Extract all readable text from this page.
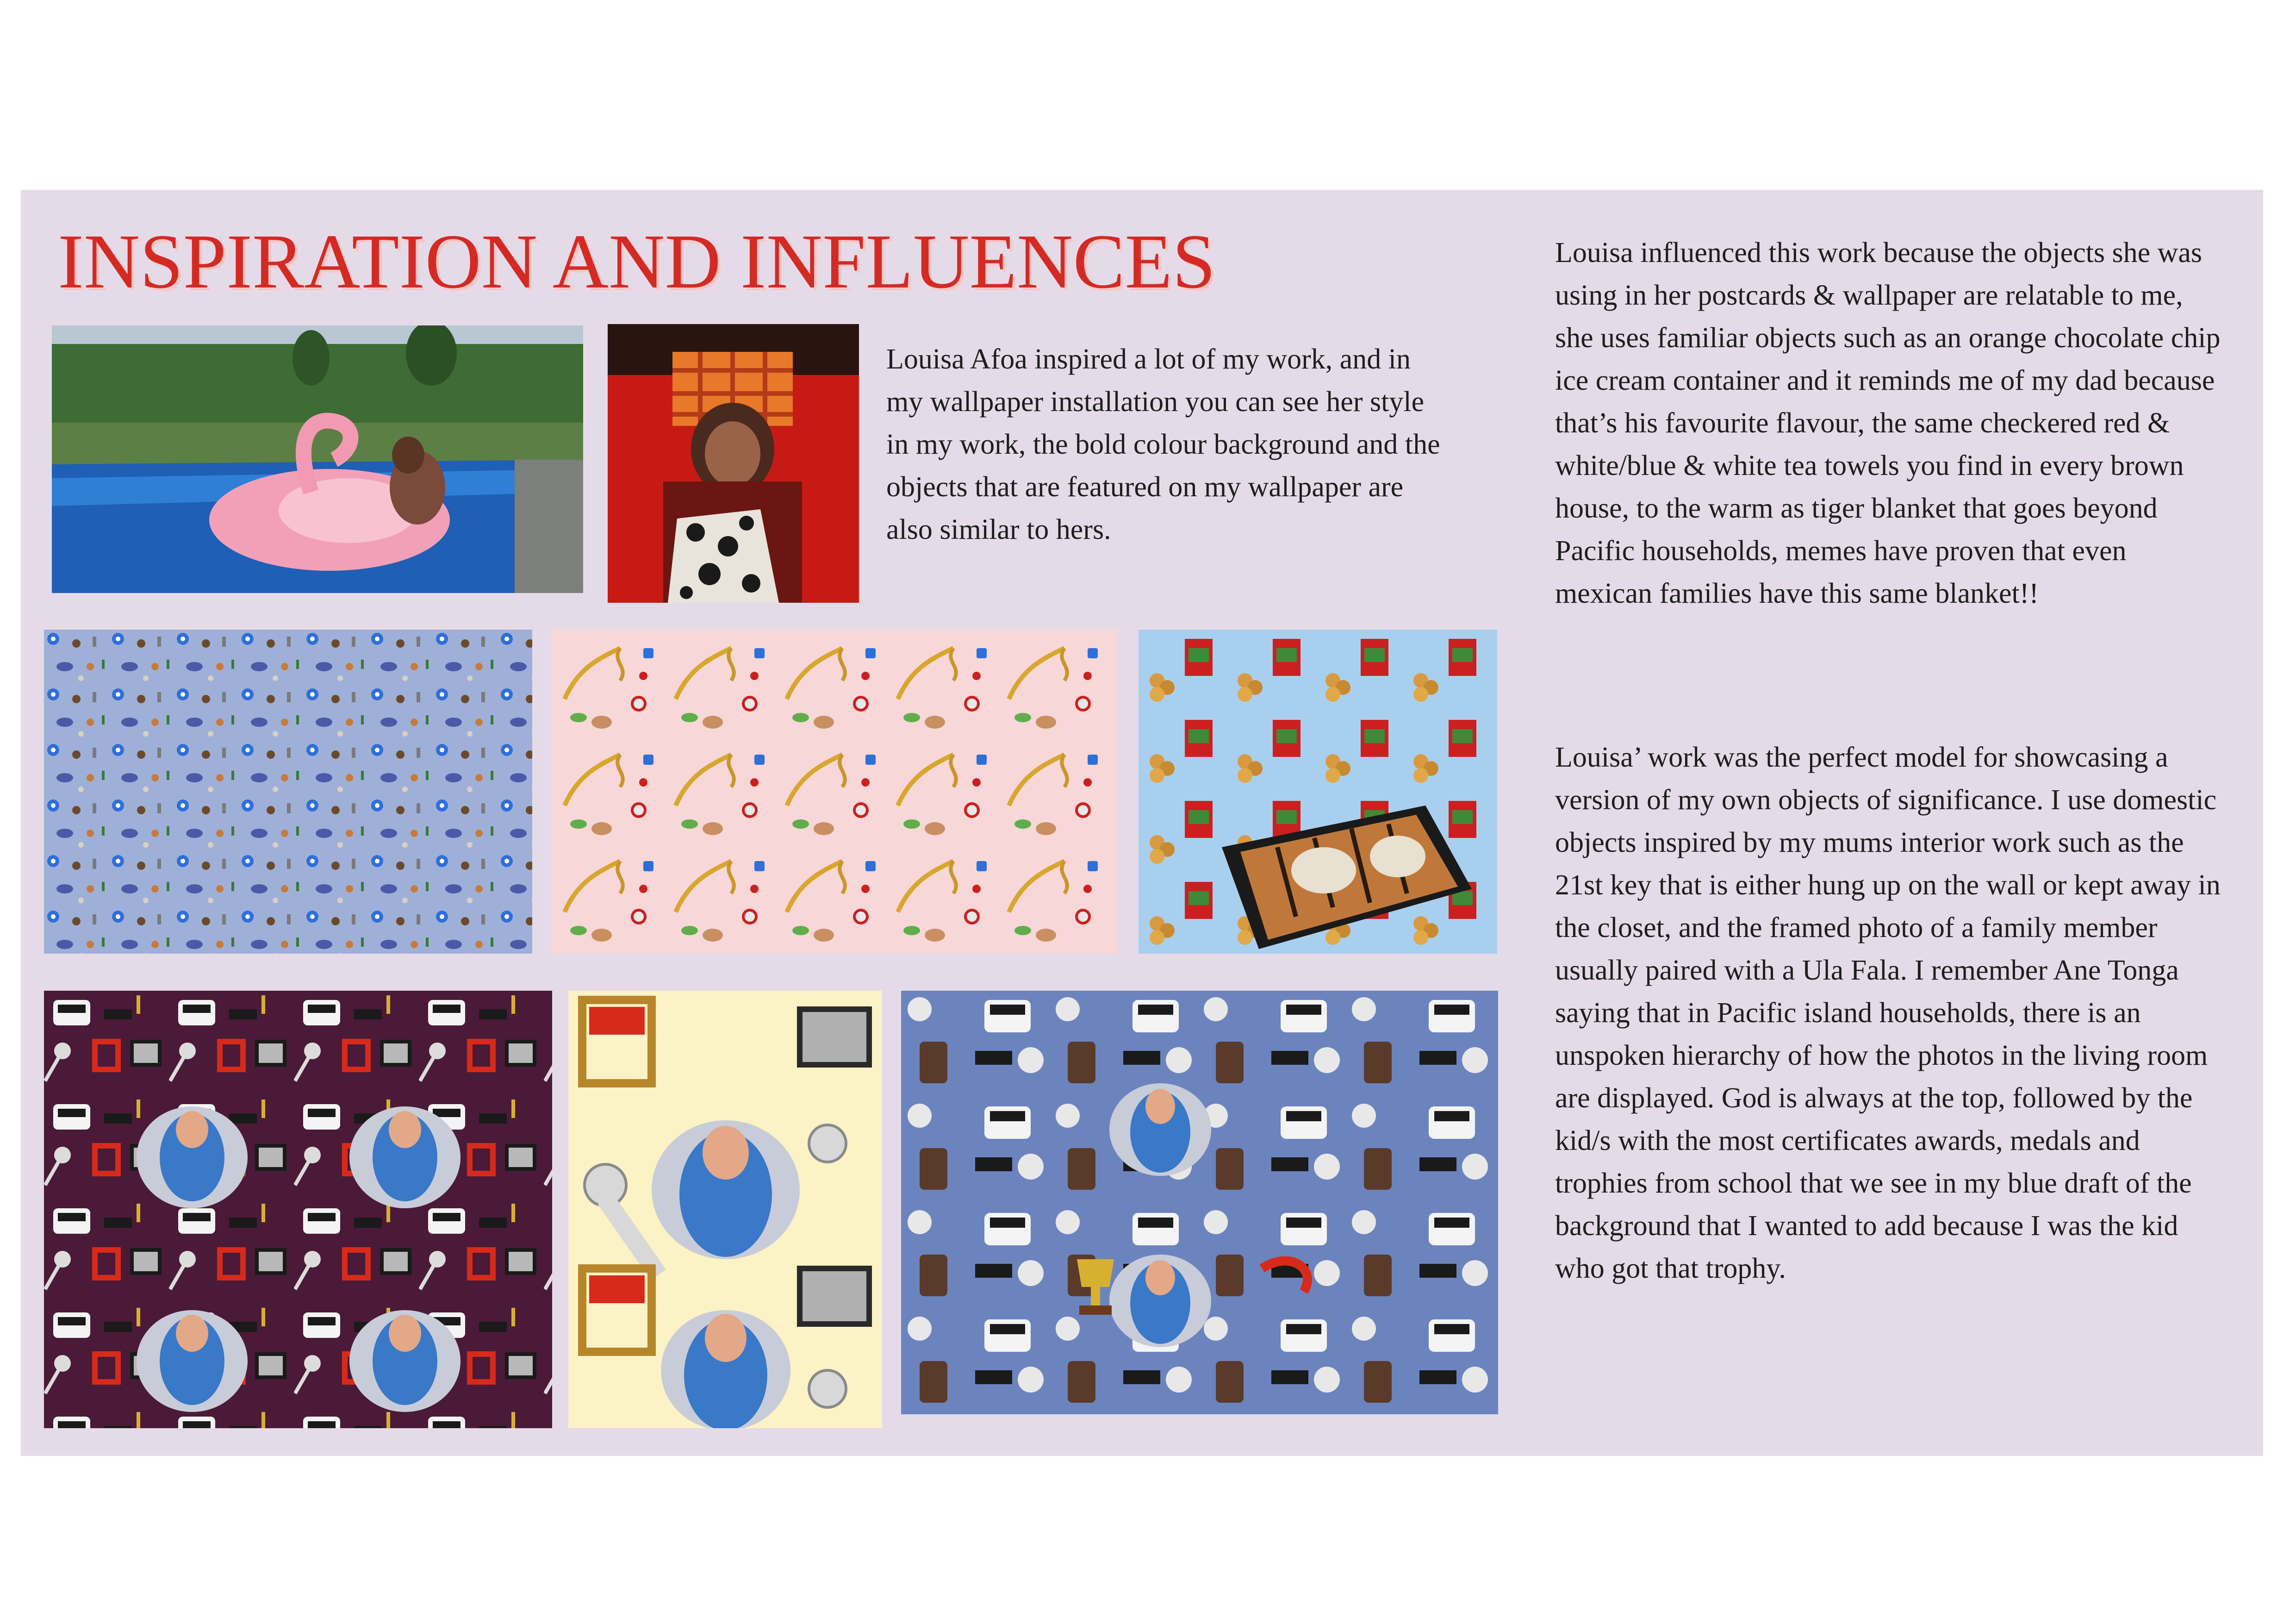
INSPIRATION AND INFLUENCES

Louisa Afoa inspired a lot of my work, and in my wallpaper installation you can see her style in my work, the bold colour background and the objects that are featured on my wallpaper are also similar to hers.

Louisa influenced this work because the objects she was using in her postcards & wallpaper are relatable to me, she uses familiar objects such as an orange chocolate chip ice cream container and it reminds me of my dad because that’s his favourite flavour, the same checkered red & white/blue & white tea towels you find in every brown house, to the warm as tiger blanket that goes beyond Pacific households, memes have proven that even mexican families have this same blanket!!

Louisa’ work was the perfect model for showcasing a version of my own objects of significance. I use domestic objects inspired by my mums interior work such as the 21st key that is either hung up on the wall or kept away in the closet, and the framed photo of a family member usually paired with a Ula Fala. I remember Ane Tonga saying that in Pacific island households, there is an unspoken hierarchy of how the photos in the living room are displayed. God is always at the top, followed by the kid/s with the most certificates awards, medals and trophies from school that we see in my blue draft of the background that I wanted to add because I was the kid who got that trophy.
